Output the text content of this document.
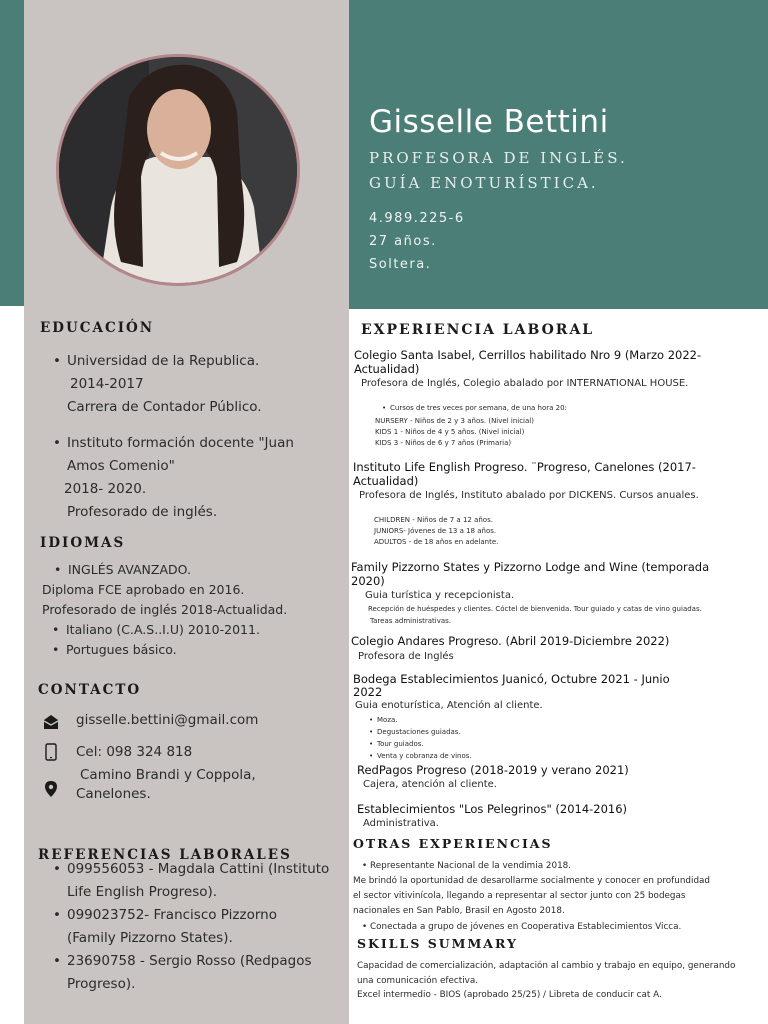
Gisselle Bettini
PROFESORA DE INGLÉS.
GUÍA ENOTURÍSTICA.
4.989.225-6
27 años.
Soltera.
EDUCACIÓN
• Universidad de la Republica.
2014-2017
Carrera de Contador Público.
• Instituto formación docente "Juan
Amos Comenio"
2018- 2020.
Profesorado de inglés.
IDIOMAS
• INGLÉS AVANZADO.
Diploma FCE aprobado en 2016.
Profesorado de inglés 2018-Actualidad.
• Italiano (C.A.S..I.U) 2010-2011.
• Portugues básico.
CONTACTO
gisselle.bettini@gmail.com
Cel: 098 324 818
Camino Brandi y Coppola,
Canelones.
REFERENCIAS LABORALES
• 099556053 - Magdala Cattini (Instituto
Life English Progreso).
• 099023752- Francisco Pizzorno
(Family Pizzorno States).
• 23690758 - Sergio Rosso (Redpagos
Progreso).
EXPERIENCIA LABORAL
Colegio Santa Isabel, Cerrillos habilitado Nro 9 (Marzo 2022-
Actualidad)
Profesora de Inglés, Colegio abalado por INTERNATIONAL HOUSE.
• Cursos de tres veces por semana, de una hora 20:
NURSERY - Niños de 2 y 3 años. (Nivel inicial)
KIDS 1 - Niños de 4 y 5 años. (Nivel inicial)
KIDS 3 - Niños de 6 y 7 años (Primaria)
Instituto Life English Progreso. ¨Progreso, Canelones (2017-
Actualidad)
Profesora de Inglés, Instituto abalado por DICKENS. Cursos anuales.
CHILDREN - Niños de 7 a 12 años.
JUNIORS- Jóvenes de 13 a 18 años.
ADULTOS - de 18 años en adelante.
Family Pizzorno States y Pizzorno Lodge and Wine (temporada
2020)
Guia turística y recepcionista.
Recepción de huéspedes y clientes. Cóctel de bienvenida. Tour guiado y catas de vino guiadas.
Tareas administrativas.
Colegio Andares Progreso. (Abril 2019-Diciembre 2022)
Profesora de Inglés
Bodega Establecimientos Juanicó, Octubre 2021 - Junio
2022
Guia enoturística, Atención al cliente.
• Moza.
• Degustaciones guiadas.
• Tour guiados.
• Venta y cobranza de vinos.
RedPagos Progreso (2018-2019 y verano 2021)
Cajera, atención al cliente.
Establecimientos "Los Pelegrinos" (2014-2016)
Administrativa.
OTRAS EXPERIENCIAS
• Representante Nacional de la vendimia 2018.
Me brindó la oportunidad de desarollarme socialmente y conocer en profundidad
el sector vitivinícola, llegando a representar al sector junto con 25 bodegas
nacionales en San Pablo, Brasil en Agosto 2018.
• Conectada a grupo de jóvenes en Cooperativa Establecimientos Vicca.
SKILLS SUMMARY
Capacidad de comercialización, adaptación al cambio y trabajo en equipo, generando
una comunicación efectiva.
Excel intermedio - BIOS (aprobado 25/25) / Libreta de conducir cat A.
